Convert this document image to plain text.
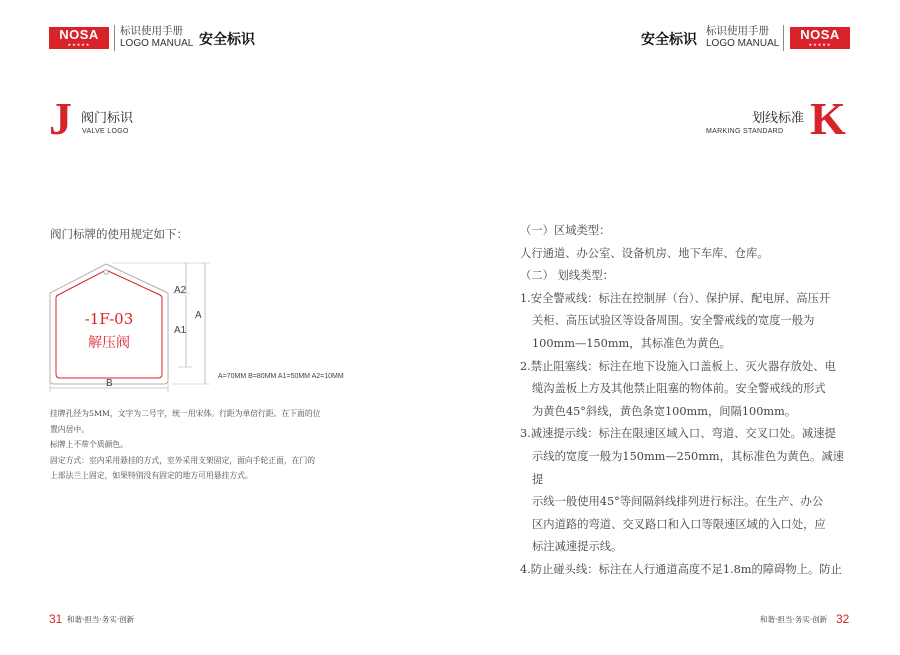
NOSA
★★★★★
标识使用手册
LOGO MANUAL 安全标识
J 阀门标识
VALVE LOGO
阀门标牌的使用规定如下：
-1F-03
解压阀
A
A2
A1
B
A=70MM B=80MM A1=50MM A2=10MM
挂牌孔径为5MM，文字为二号字，统一用宋体。行距为单倍行距。在下面的位
置内居中。
标牌上不带个质颜色。
固定方式：室内采用悬挂的方式，室外采用支架固定，面向手轮正面，在门的
上部法兰上固定，如果特别没有固定的地方可用悬挂方式。
31 和谐·担当·务实·创新
安全标识
标识使用手册
LOGO MANUAL
NOSA
★★★★★
划线标准
MARKING STANDARD K
（一）区域类型：
人行通道、办公室、设备机房、地下车库、仓库。
（二） 划线类型：
1.安全警戒线：标注在控制屏（台）、保护屏、配电屏、高压开
关柜、高压试验区等设备周围。安全警戒线的宽度一般为
100mm—150mm，其标准色为黄色。
2.禁止阻塞线：标注在地下设施入口盖板上、灭火器存放处、电
缆沟盖板上方及其他禁止阻塞的物体前。安全警戒线的形式
为黄色45°斜线，黄色条宽100mm，间隔100mm。
3.减速提示线：标注在限速区域入口、弯道、交叉口处。减速提
示线的宽度一般为150mm—250mm，其标准色为黄色。减速提
示线一般使用45°等间隔斜线排列进行标注。在生产、办公
区内道路的弯道、交叉路口和入口等限速区域的入口处，应
标注减速提示线。
4.防止碰头线：标注在人行通道高度不足1.8m的障碍物上。防止
和谐·担当·务实·创新 32
